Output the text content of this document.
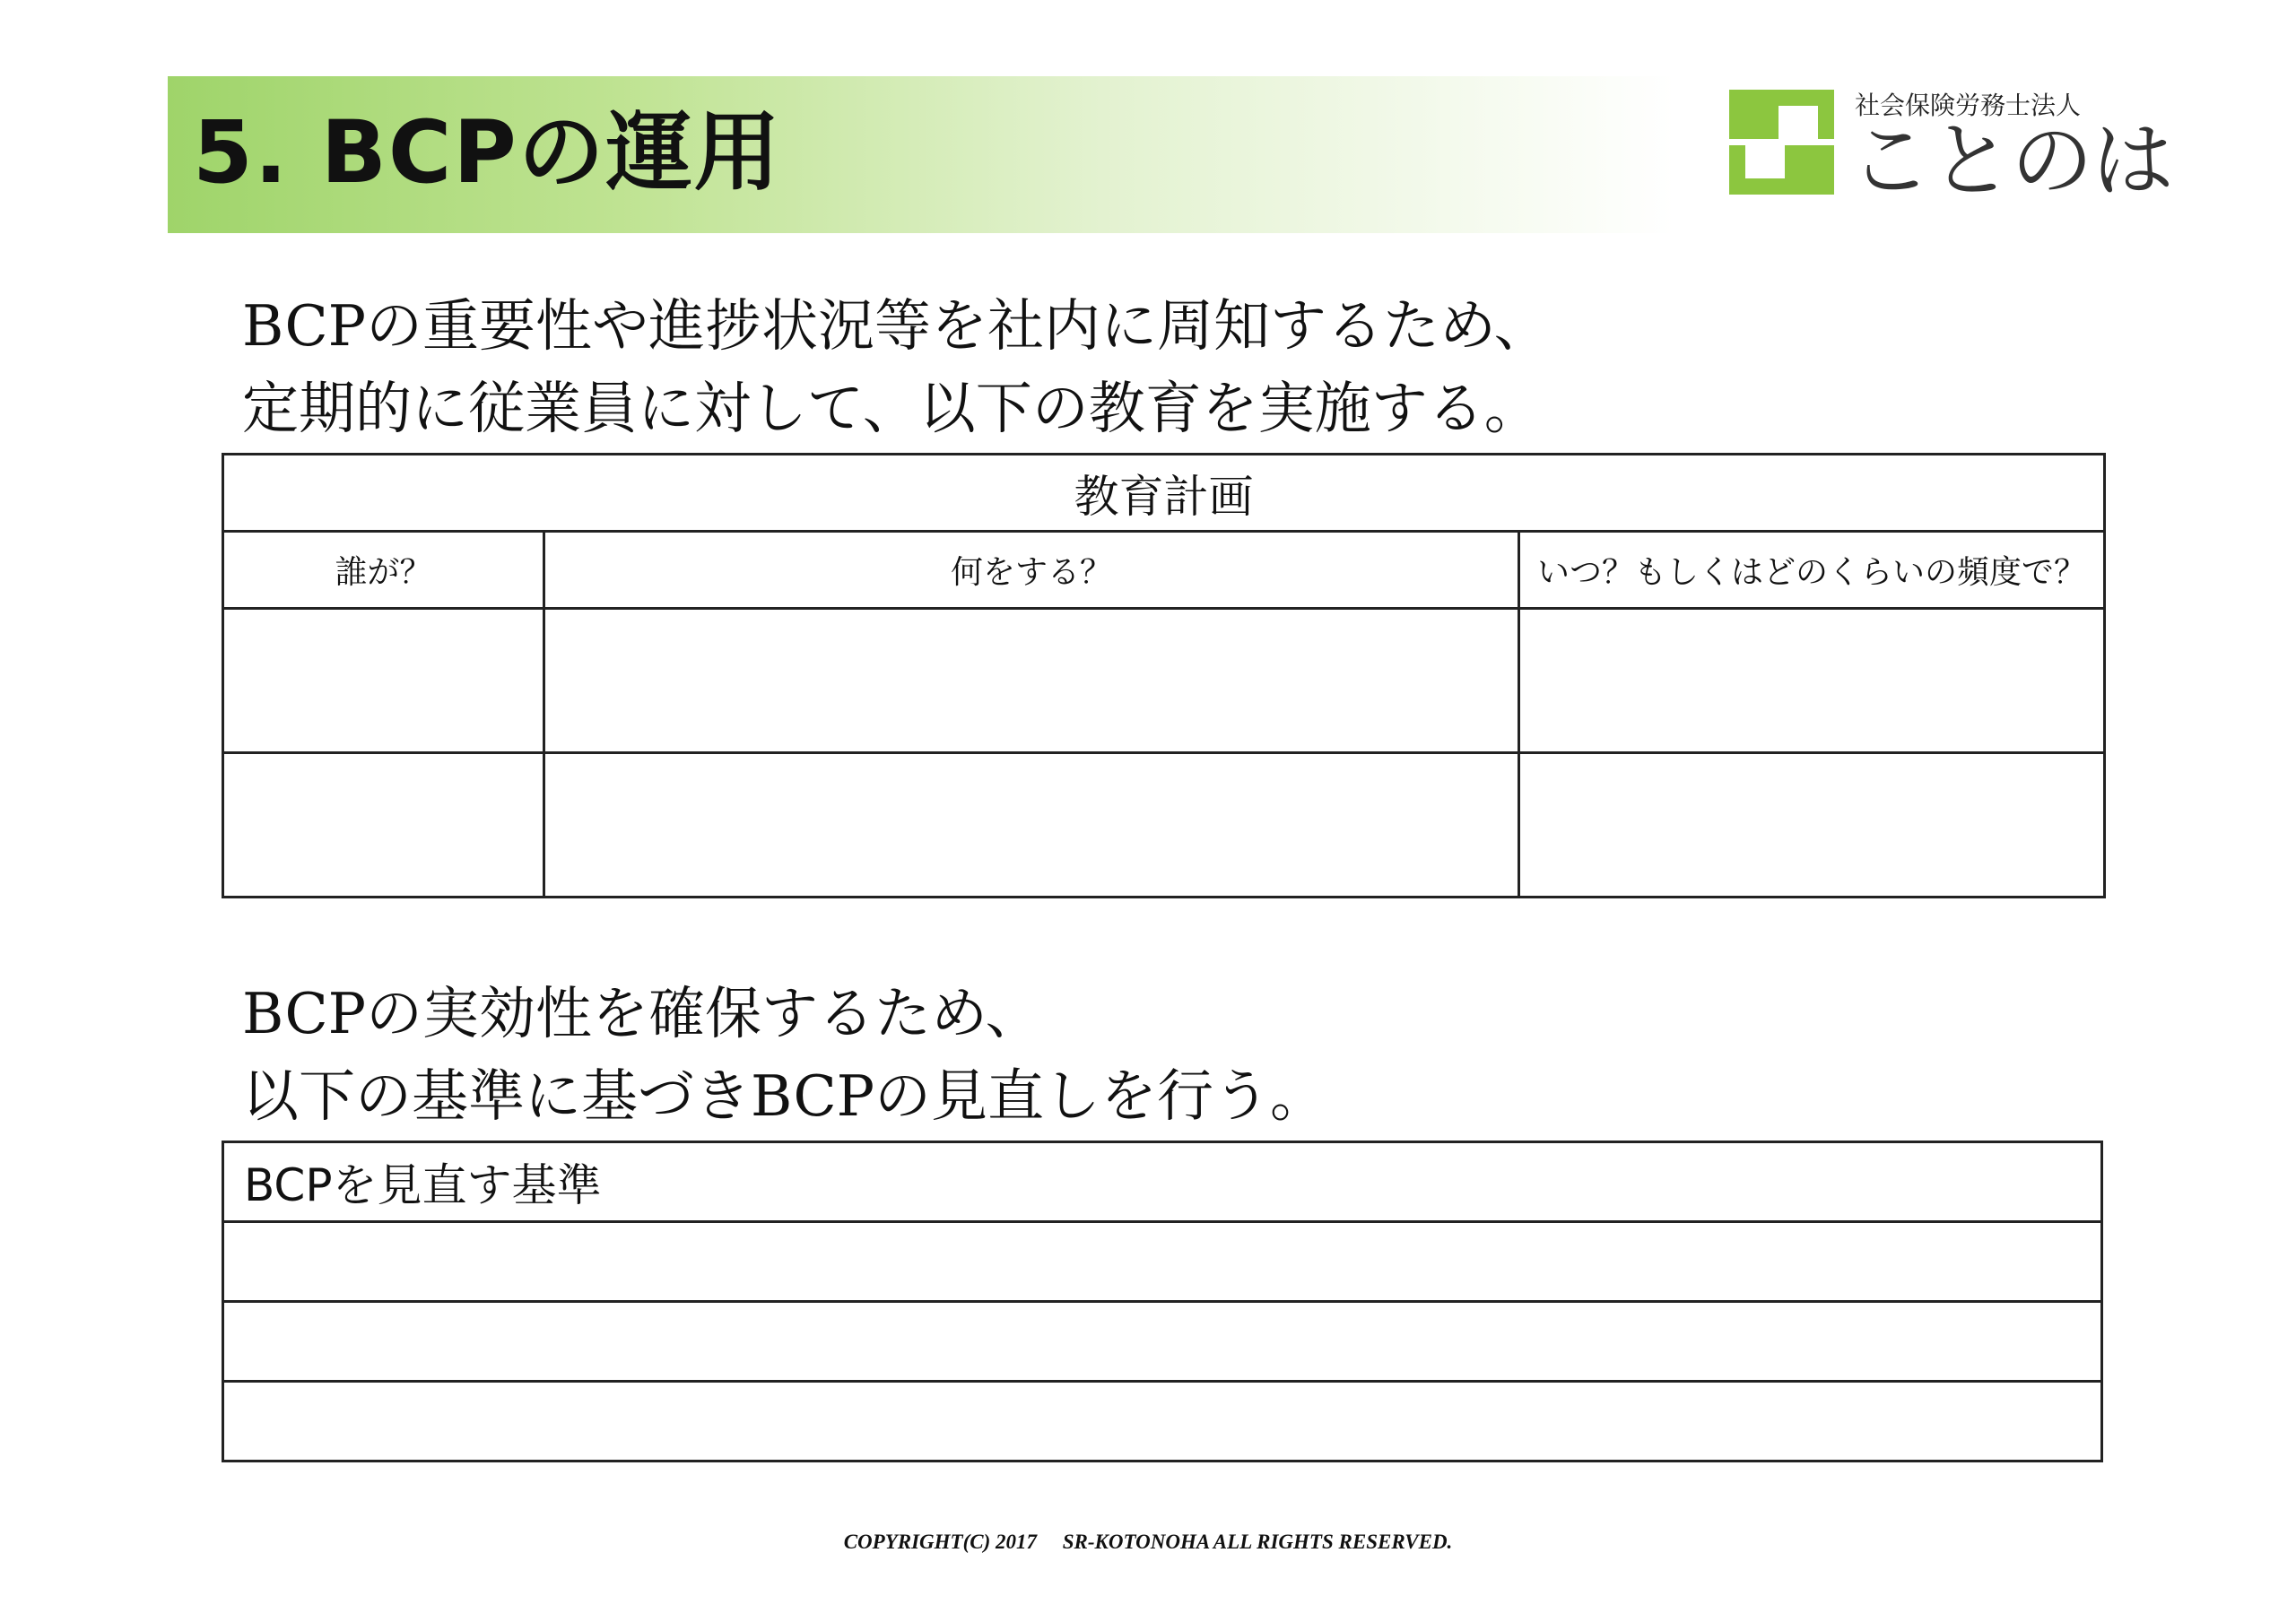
5. BCPの運用	社会保険労務士法人
ことのは
BCPの重要性や進捗状況等を社内に周知するため、
定期的に従業員に対して、以下の教育を実施する。
教育計画		
誰が？	何をする？	いつ？もしくはどのくらいの頻度で？

BCPの実効性を確保するため、
以下の基準に基づきBCPの見直しを行う。
BCPを見直す基準

COPYRIGHT(C) 2017     SR-KOTONOHA ALL RIGHTS RESERVED.
